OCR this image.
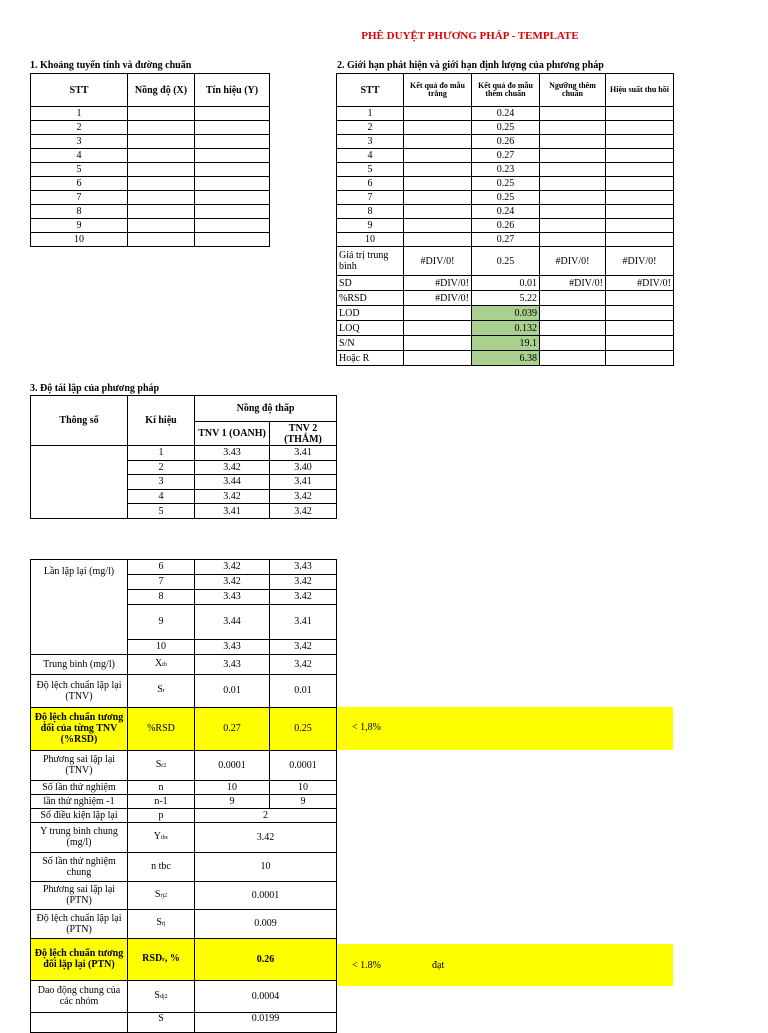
PHÊ DUYỆT PHƯƠNG PHÁP - TEMPLATE
1. Khoảng tuyến tính và đường chuẩn
STT	Nồng độ (X)	Tín hiệu (Y)
1		
2		
3		
4		
5		
6		
7		
8		
9		
10		
2. Giới hạn phát hiện và giới hạn định lượng của phương pháp
STT	Kết quả đo mẫu trắng	Kết quả đo mẫu thêm chuẩn	Ngưỡng thêm chuẩn	Hiệu suất thu hồi
1		0.24		
2		0.25		
3		0.26		
4		0.27		
5		0.23		
6		0.25		
7		0.25		
8		0.24		
9		0.26		
10		0.27		
Giá trị trung bình	#DIV/0!	0.25	#DIV/0!	#DIV/0!
SD	#DIV/0!	0.01	#DIV/0!	#DIV/0!
%RSD	#DIV/0!	5.22		
LOD		0.039		
LOQ		0.132		
S/N		19.1		
Hoặc R		6.38		
3. Độ tái lập của phương pháp
Thông số	Kí hiệu	Nồng độ thấp	
		TNV 1 (OANH)	TNV 2 (THẮM)
	1	3.43	3.41
	2	3.42	3.40
	3	3.44	3.41
	4	3.42	3.42
	5	3.41	3.42
< 1,8%
< 1.8%	đạt
Lần lặp lại (mg/l)	6	3.42	3.43
	7	3.42	3.42
	8	3.43	3.42
	9	3.44	3.41
	10	3.43	3.42
Trung bình (mg/l)	Xtb	3.43	3.42
Độ lệch chuẩn lặp lại (TNV)	Sr	0.01	0.01
Độ lệch chuẩn tương đối của từng TNV (%RSD)	%RSD	0.27	0.25
Phương sai lặp lại (TNV)	Sr2	0.0001	0.0001
Số lần thử nghiệm	n	10	10
lần thử nghiệm -1	n-1	9	9
Số điều kiện lặp lại	p	2	
Y trung bình chung (mg/l)	Ytbc	3.42	
Số lần thử nghiệm chung	n tbc	10	
Phương sai lặp lại (PTN)	Srj2	0.0001	
Độ lệch chuẩn lặp lại (PTN)	Srj	0.009	
Độ lệch chuẩn tương đối lặp lại (PTN)	RSDr, %	0.26	
Dao động chung của các nhóm	Sdj2	0.0004	
	S	0.0199	
